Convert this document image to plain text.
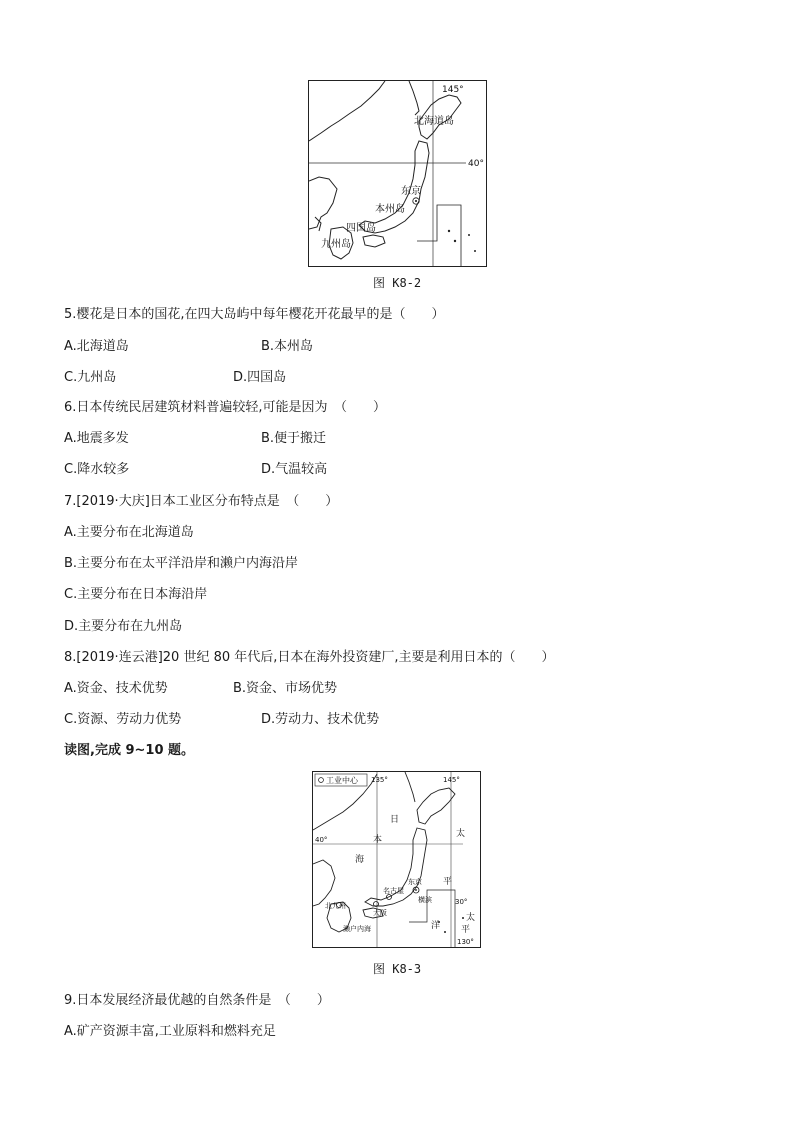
145°
40°
北海道岛
东京
本州岛
四国岛
九州岛
图 K8-2
5.樱花是日本的国花,在四大岛屿中每年樱花开花最早的是（　　）
A.北海道岛	B.本州岛
C.九州岛	D.四国岛
6.日本传统民居建筑材料普遍较轻,可能是因为　（　　）
A.地震多发	B.便于搬迁
C.降水较多	D.气温较高
7.[2019·大庆]日本工业区分布特点是　（　　）
A.主要分布在北海道岛
B.主要分布在太平洋沿岸和濑户内海沿岸
C.主要分布在日本海沿岸
D.主要分布在九州岛
8.[2019·连云港]20 世纪 80 年代后,日本在海外投资建厂,主要是利用日本的（　　）
A.资金、技术优势	B.资金、市场优势
C.资源、劳动力优势	D.劳动力、技术优势
读图,完成 9~10 题。
工业中心 135°	145°
40°
30°
130°
日
本
海
太
平
洋
太
平
东京
横滨
名古屋
大阪
北九州
濑户内海
图 K8-3
9.日本发展经济最优越的自然条件是　（　　）
A.矿产资源丰富,工业原料和燃料充足
